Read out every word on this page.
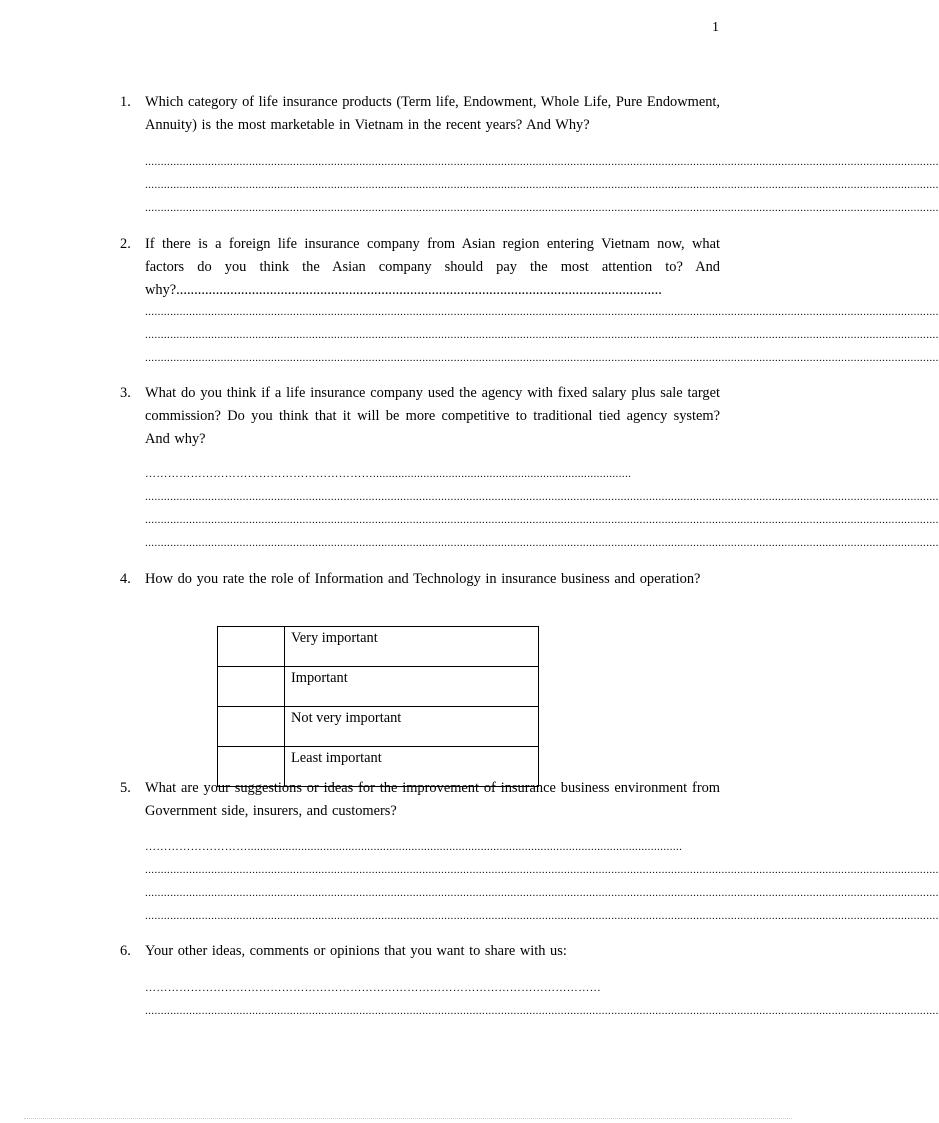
1
1. Which category of life insurance products (Term life, Endowment, Whole Life, Pure Endowment, Annuity) is the most marketable in Vietnam in the recent years? And Why?
............................................................................................................................................................................................................................................................
............................................................................................................................................................................................................................................................
............................................................................................................................................................................................................................................................
2. If there is a foreign life insurance company from Asian region entering Vietnam now, what factors do you think the Asian company should pay the most attention to? And why?.......................................................................................................................................
............................................................................................................................................................................................................................................................
............................................................................................................................................................................................................................................................
............................................................................................................................................................................................................................................................
3. What do you think if a life insurance company used the agency with fixed salary plus sale target commission? Do you think that it will be more competitive to traditional tied agency system? And why?
……………………………………………………..................................................................................
............................................................................................................................................................................................................................................................
............................................................................................................................................................................................................................................................
............................................................................................................................................................................................................................................................
4. How do you rate the role of Information and Technology in insurance business and operation?
	Very important
	Important
	Not very important
	Least important
5. What are your suggestions or ideas for the improvement of insurance business environment from Government side, insurers, and customers?
………………………..........................................................................................................................................
............................................................................................................................................................................................................................................................
............................................................................................................................................................................................................................................................
............................................................................................................................................................................................................................................................
6. Your other ideas, comments or opinions that you want to share with us:
…………………………………………………………………………………………………………
............................................................................................................................................................................................................................................................
